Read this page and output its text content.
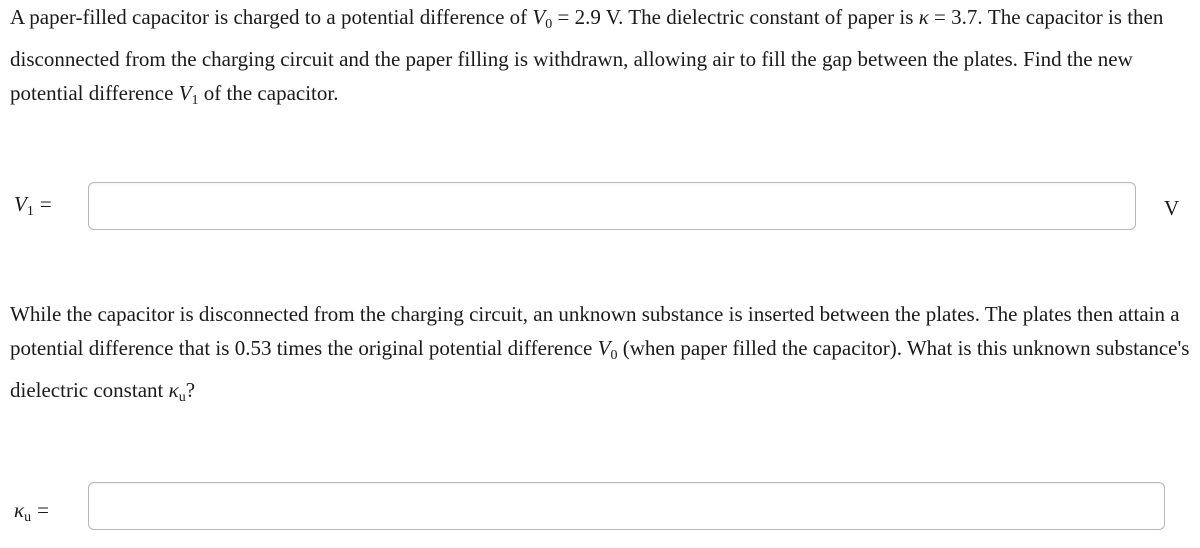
A paper-filled capacitor is charged to a potential difference of $V_0 = 2.9$ V. The dielectric constant of paper is κ = 3.7. The capacitor is then disconnected from the charging circuit and the paper filling is withdrawn, allowing air to fill the gap between the plates. Find the new potential difference $V_1$ of the capacitor.

$V_1$ =	V

While the capacitor is disconnected from the charging circuit, an unknown substance is inserted between the plates. The plates then attain a potential difference that is 0.53 times the original potential difference $V_0$ (when paper filled the capacitor). What is this unknown substance's dielectric constant $\kappa_u$?

$\kappa_u$ =
